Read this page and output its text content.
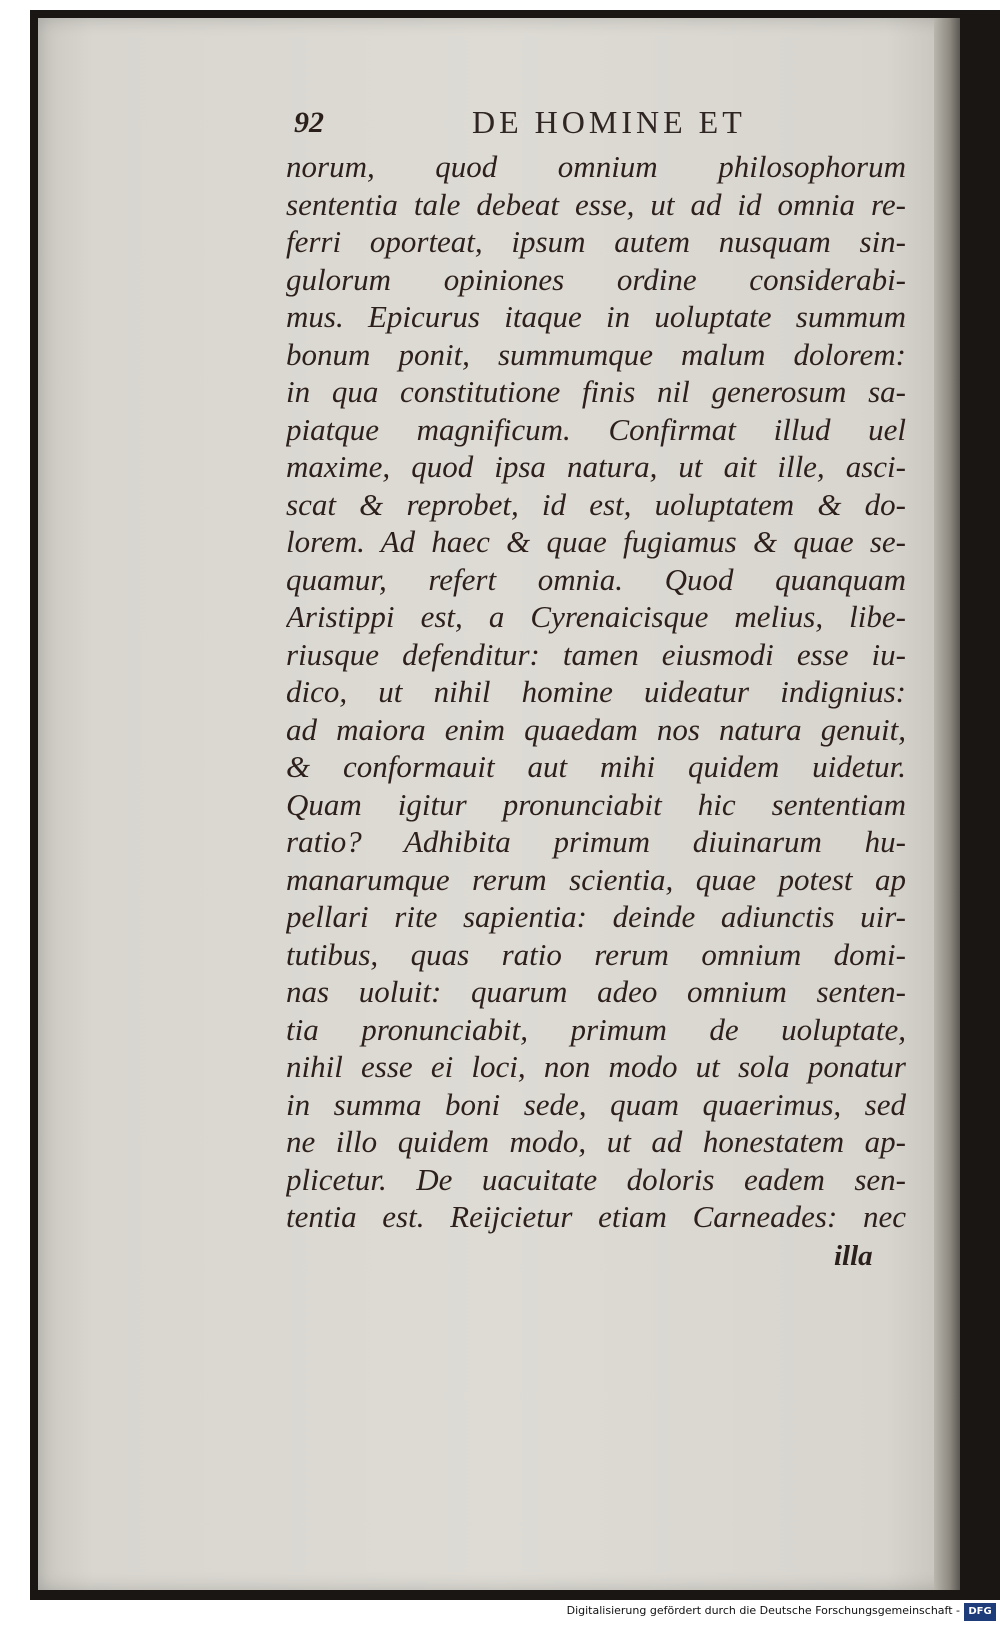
92	DE HOMINE ET
norum, quod omnium philosophorum
sententia tale debeat esse, ut ad id omnia re-
ferri oporteat, ipsum autem nusquam sin-
gulorum opiniones ordine considerabi-
mus. Epicurus itaque in uoluptate summum
bonum ponit, summumque malum dolorem:
in qua constitutione finis nil generosum sa-
piatque magnificum. Confirmat illud uel
maxime, quod ipsa natura, ut ait ille, asci-
scat & reprobet, id est, uoluptatem & do-
lorem. Ad haec & quae fugiamus & quae se-
quamur, refert omnia. Quod quanquam
Aristippi est, a Cyrenaicisque melius, libe-
riusque defenditur: tamen eiusmodi esse iu-
dico, ut nihil homine uideatur indignius:
ad maiora enim quaedam nos natura genuit,
& conformauit aut mihi quidem uidetur.
Quam igitur pronunciabit hic sententiam
ratio? Adhibita primum diuinarum hu-
manarumque rerum scientia, quae potest ap
pellari rite sapientia: deinde adiunctis uir-
tutibus, quas ratio rerum omnium domi-
nas uoluit: quarum adeo omnium senten-
tia pronunciabit, primum de uoluptate,
nihil esse ei loci, non modo ut sola ponatur
in summa boni sede, quam quaerimus, sed
ne illo quidem modo, ut ad honestatem ap-
plicetur. De uacuitate doloris eadem sen-
tentia est. Reijcietur etiam Carneades: nec
illa
Digitalisierung gefördert durch die Deutsche Forschungsgemeinschaft - DFG
